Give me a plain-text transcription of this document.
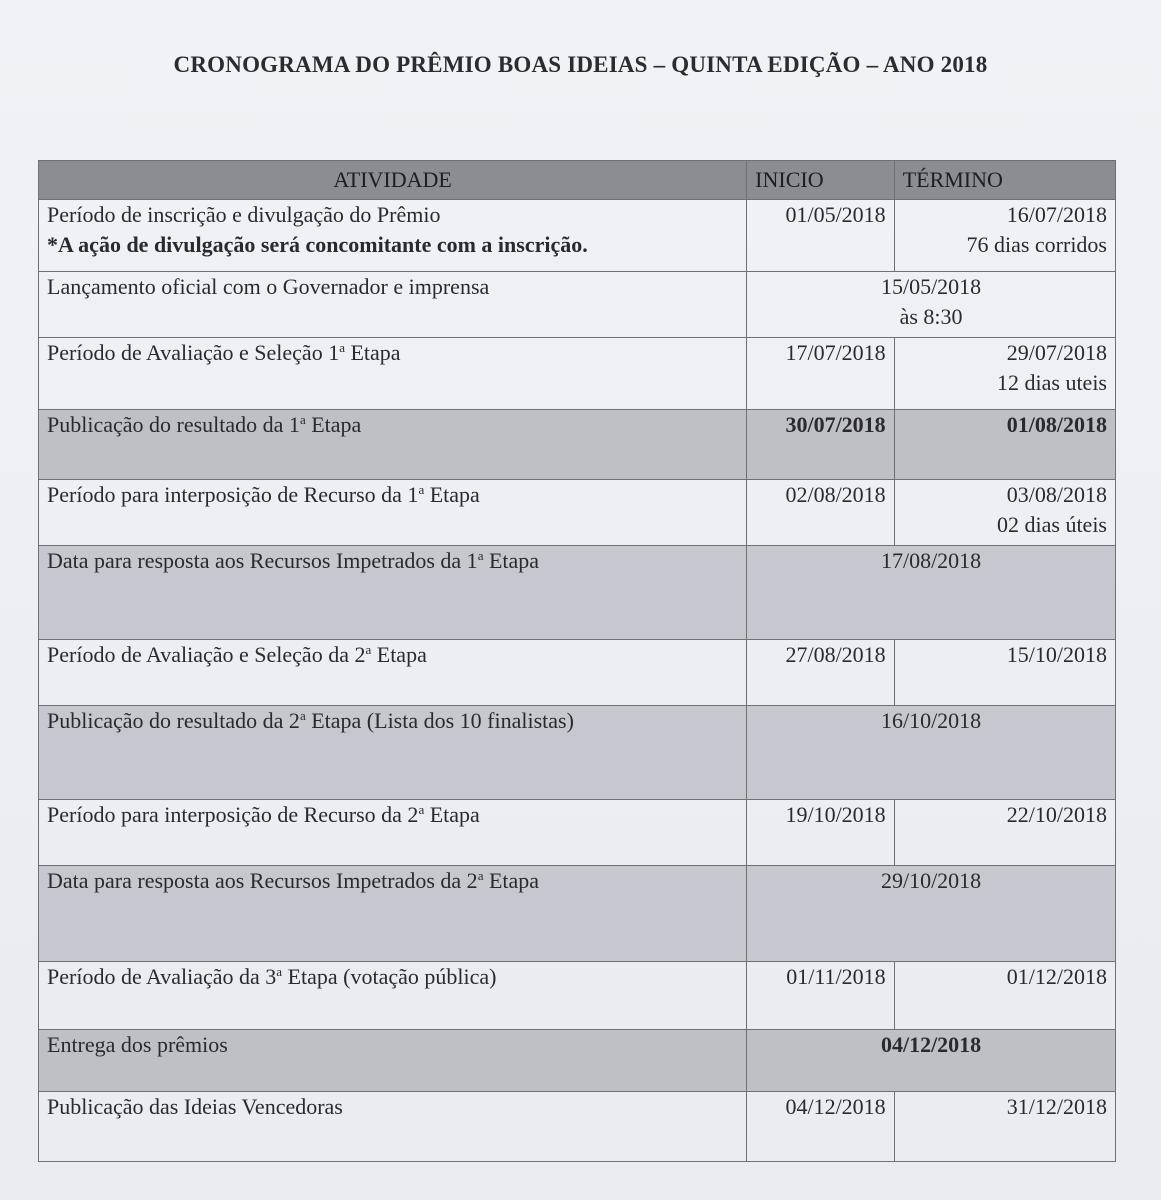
CRONOGRAMA DO PRÊMIO BOAS IDEIAS – QUINTA EDIÇÃO – ANO 2018
ATIVIDADE	INICIO	TÉRMINO

Período de inscrição e divulgação do Prêmio
*A ação de divulgação será concomitante com a inscrição.	01/05/2018	16/07/2018
76 dias corridos

Lançamento oficial com o Governador e imprensa	15/05/2018
às 8:30	

Período de Avaliação e Seleção 1$^a$ Etapa	17/07/2018	29/07/2018
12 dias uteis

Publicação do resultado da 1$^a$ Etapa	30/07/2018	01/08/2018
Período para interposição de Recurso da 1$^a$ Etapa	02/08/2018	03/08/2018
02 dias úteis

Data para resposta aos Recursos Impetrados da 1$^a$ Etapa	17/08/2018	
Período de Avaliação e Seleção da 2$^a$ Etapa	27/08/2018	15/10/2018
Publicação do resultado da 2$^a$ Etapa (Lista dos 10 finalistas)	16/10/2018	
Período para interposição de Recurso da 2$^a$ Etapa	19/10/2018	22/10/2018
Data para resposta aos Recursos Impetrados da 2$^a$ Etapa	29/10/2018	
Período de Avaliação da 3$^a$ Etapa (votação pública)	01/11/2018	01/12/2018
Entrega dos prêmios	04/12/2018	
Publicação das Ideias Vencedoras	04/12/2018	31/12/2018
